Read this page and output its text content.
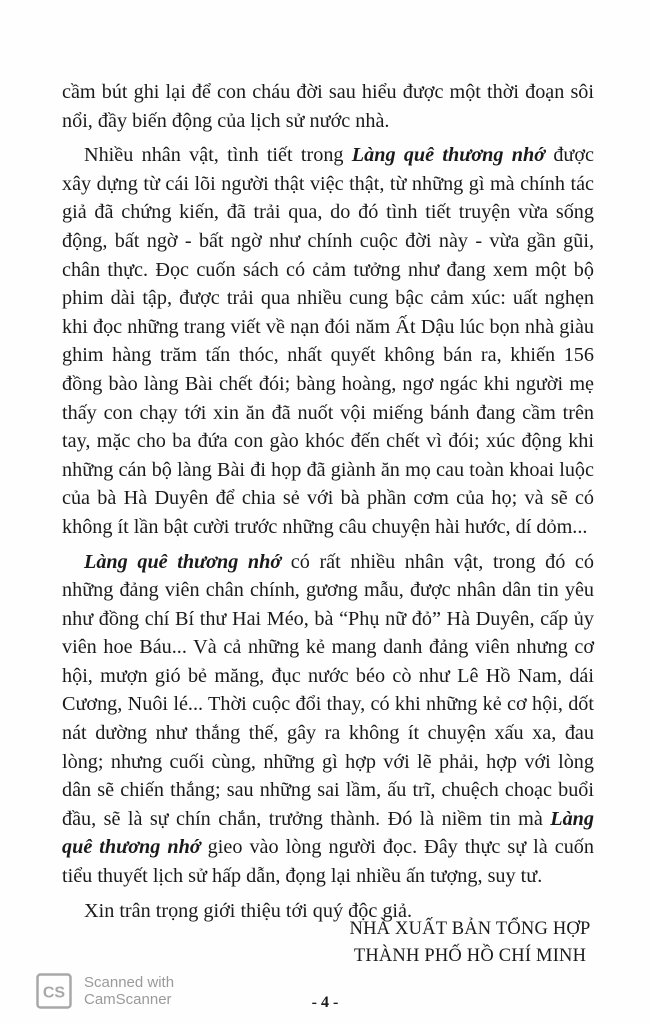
cầm bút ghi lại để con cháu đời sau hiểu được một thời đoạn sôi nổi, đầy biến động của lịch sử nước nhà.

Nhiều nhân vật, tình tiết trong Làng quê thương nhớ được xây dựng từ cái lõi người thật việc thật, từ những gì mà chính tác giả đã chứng kiến, đã trải qua, do đó tình tiết truyện vừa sống động, bất ngờ - bất ngờ như chính cuộc đời này - vừa gần gũi, chân thực. Đọc cuốn sách có cảm tưởng như đang xem một bộ phim dài tập, được trải qua nhiều cung bậc cảm xúc: uất nghẹn khi đọc những trang viết về nạn đói năm Ất Dậu lúc bọn nhà giàu ghim hàng trăm tấn thóc, nhất quyết không bán ra, khiến 156 đồng bào làng Bài chết đói; bàng hoàng, ngơ ngác khi người mẹ thấy con chạy tới xin ăn đã nuốt vội miếng bánh đang cầm trên tay, mặc cho ba đứa con gào khóc đến chết vì đói; xúc động khi những cán bộ làng Bài đi họp đã giành ăn mọ cau toàn khoai luộc của bà Hà Duyên để chia sẻ với bà phần cơm của họ; và sẽ có không ít lần bật cười trước những câu chuyện hài hước, dí dỏm...

Làng quê thương nhớ có rất nhiều nhân vật, trong đó có những đảng viên chân chính, gương mẫu, được nhân dân tin yêu như đồng chí Bí thư Hai Méo, bà “Phụ nữ đỏ” Hà Duyên, cấp ủy viên hoe Báu... Và cả những kẻ mang danh đảng viên nhưng cơ hội, mượn gió bẻ măng, đục nước béo cò như Lê Hồ Nam, dái Cương, Nuôi lé... Thời cuộc đổi thay, có khi những kẻ cơ hội, dốt nát dường như thắng thế, gây ra không ít chuyện xấu xa, đau lòng; nhưng cuối cùng, những gì hợp với lẽ phải, hợp với lòng dân sẽ chiến thắng; sau những sai lầm, ấu trĩ, chuệch choạc buổi đầu, sẽ là sự chín chắn, trưởng thành. Đó là niềm tin mà Làng quê thương nhớ gieo vào lòng người đọc. Đây thực sự là cuốn tiểu thuyết lịch sử hấp dẫn, đọng lại nhiều ấn tượng, suy tư.

Xin trân trọng giới thiệu tới quý độc giả.

NHÀ XUẤT BẢN TỔNG HỢP
THÀNH PHỐ HỒ CHÍ MINH
CS
Scanned with
CamScanner	- 4 -
